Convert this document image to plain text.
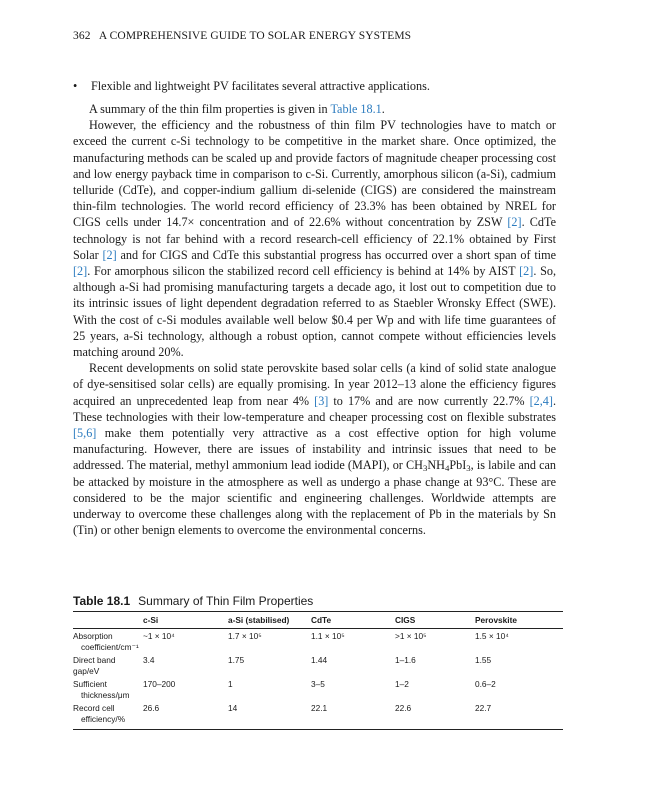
362 A COMPREHENSIVE GUIDE TO SOLAR ENERGY SYSTEMS
• Flexible and lightweight PV facilitates several attractive applications.

A summary of the thin film properties is given in Table 18.1.

However, the efficiency and the robustness of thin film PV technologies have to match or exceed the current c-Si technology to be competitive in the market share. Once optimized, the manufacturing methods can be scaled up and provide factors of magnitude cheaper processing cost and low energy payback time in comparison to c-Si. Currently, amorphous silicon (a-Si), cadmium telluride (CdTe), and copper-indium gallium di-selenide (CIGS) are considered the mainstream thin-film technologies. The world record efficiency of 23.3% has been obtained by NREL for CIGS cells under 14.7× concentration and of 22.6% without concentration by ZSW [2]. CdTe technology is not far behind with a record research-cell efficiency of 22.1% obtained by First Solar [2] and for CIGS and CdTe this substantial progress has occurred over a short span of time [2]. For amorphous silicon the stabilized record cell efficiency is behind at 14% by AIST [2]. So, although a-Si had promising manufacturing targets a decade ago, it lost out to competition due to its intrinsic issues of light dependent degradation referred to as Staebler Wronsky Effect (SWE). With the cost of c-Si modules available well below $0.4 per Wp and with life time guarantees of 25 years, a-Si technology, although a robust option, cannot compete without efficiencies levels matching around 20%.

Recent developments on solid state perovskite based solar cells (a kind of solid state analogue of dye-sensitised solar cells) are equally promising. In year 2012–13 alone the efficiency figures acquired an unprecedented leap from near 4% [3] to 17% and are now currently 22.7% [2,4]. These technologies with their low-temperature and cheaper processing cost on flexible substrates [5,6] make them potentially very attractive as a cost effective option for high volume manufacturing. However, there are issues of instability and intrinsic issues that need to be addressed. The material, methyl ammonium lead iodide (MAPI), or $CH_3NH_4PbI_3$, is labile and can be attacked by moisture in the atmosphere as well as undergo a phase change at 93°C. These are considered to be the major scientific and engineering challenges. Worldwide attempts are underway to overcome these challenges along with the replacement of Pb in the materials by Sn (Tin) or other benign elements to overcome the environmental concerns.

Table 18.1 Summary of Thin Film Properties
	c-Si	a-Si (stabilised)	CdTe	CIGS	Perovskite
Absorption
coefficient/cm⁻¹	~1 × 10⁴	1.7 × 10⁵	1.1 × 10⁵	>1 × 10⁵	1.5 × 10⁴
Direct band gap/eV	3.4	1.75	1.44	1–1.6	1.55
Sufficient
thickness/μm	170–200	1	3–5	1–2	0.6–2
Record cell
efficiency/%	26.6	14	22.1	22.6	22.7
